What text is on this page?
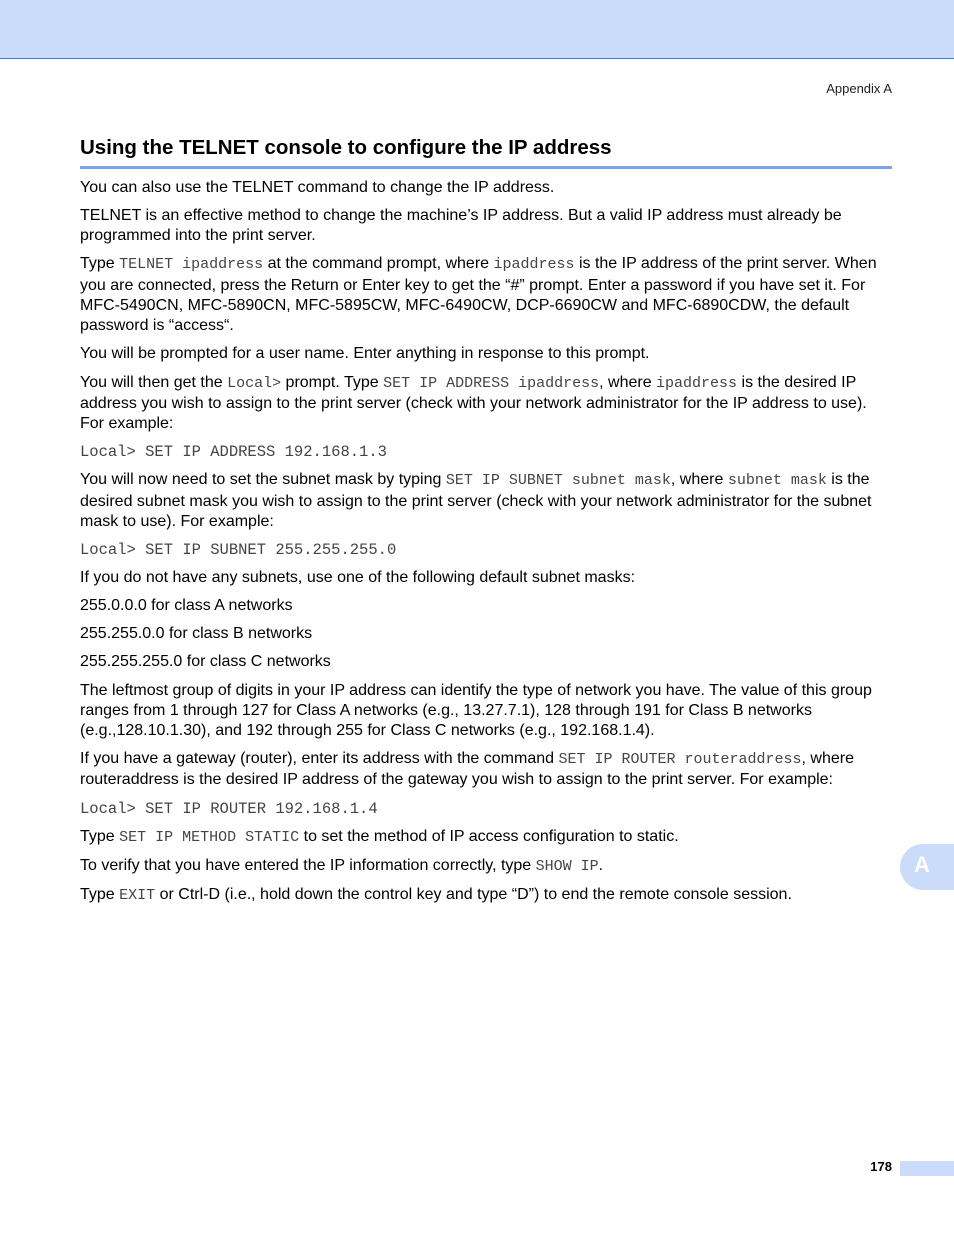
Appendix A
Using the TELNET console to configure the IP address

You can also use the TELNET command to change the IP address.

TELNET is an effective method to change the machine’s IP address. But a valid IP address must already be programmed into the print server.

Type TELNET ipaddress at the command prompt, where ipaddress is the IP address of the print server. When you are connected, press the Return or Enter key to get the “#” prompt. Enter a password if you have set it. For MFC-5490CN, MFC-5890CN, MFC-5895CW, MFC-6490CW, DCP-6690CW and MFC-6890CDW, the default password is “access“.

You will be prompted for a user name. Enter anything in response to this prompt.

You will then get the Local> prompt. Type SET IP ADDRESS ipaddress, where ipaddress is the desired IP address you wish to assign to the print server (check with your network administrator for the IP address to use). For example:

Local> SET IP ADDRESS 192.168.1.3

You will now need to set the subnet mask by typing SET IP SUBNET subnet mask, where subnet mask is the desired subnet mask you wish to assign to the print server (check with your network administrator for the subnet mask to use). For example:

Local> SET IP SUBNET 255.255.255.0

If you do not have any subnets, use one of the following default subnet masks:

255.0.0.0 for class A networks

255.255.0.0 for class B networks

255.255.255.0 for class C networks

The leftmost group of digits in your IP address can identify the type of network you have. The value of this group ranges from 1 through 127 for Class A networks (e.g., 13.27.7.1), 128 through 191 for Class B networks (e.g.,128.10.1.30), and 192 through 255 for Class C networks (e.g., 192.168.1.4).

If you have a gateway (router), enter its address with the command SET IP ROUTER routeraddress, where routeraddress is the desired IP address of the gateway you wish to assign to the print server. For example:

Local> SET IP ROUTER 192.168.1.4

Type SET IP METHOD STATIC to set the method of IP access configuration to static.

To verify that you have entered the IP information correctly, type SHOW IP.

Type EXIT or Ctrl-D (i.e., hold down the control key and type “D”) to end the remote console session.

A
178
